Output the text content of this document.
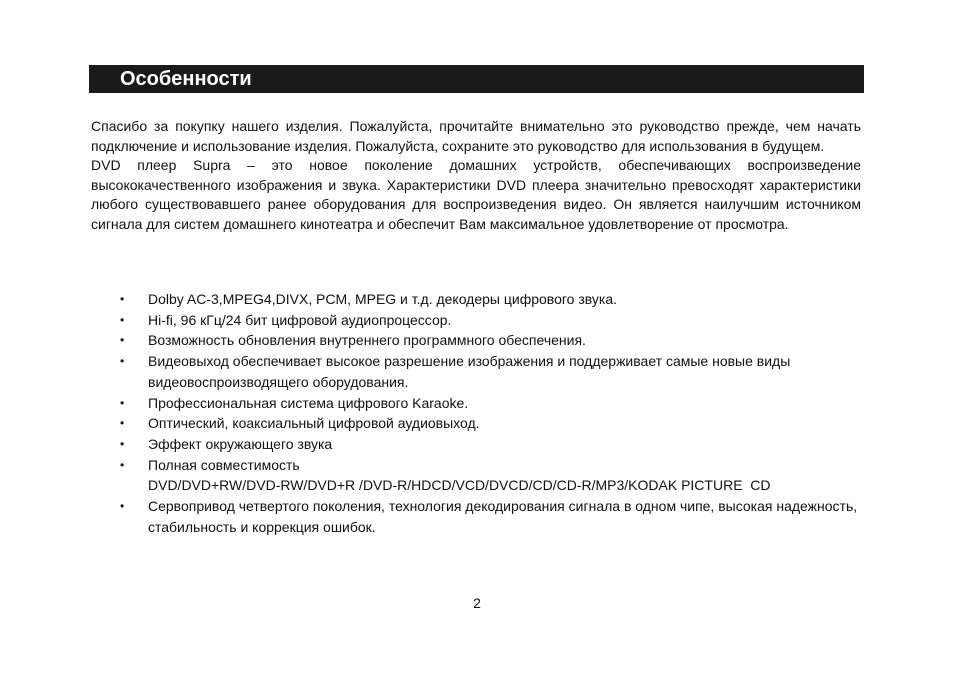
Особенности

Спасибо за покупку нашего изделия. Пожалуйста, прочитайте внимательно это руководство прежде, чем начать подключение и использование изделия. Пожалуйста, сохраните это руководство для использования в будущем.

DVD плеер Supra – это новое поколение домашних устройств, обеспечивающих воспроизведение высококачественного изображения и звука. Характеристики DVD плеера значительно превосходят характеристики любого существовавшего ранее оборудования для воспроизведения видео. Он является наилучшим источником сигнала для систем домашнего кинотеатра и обеспечит Вам максимальное удовлетворение от просмотра.

• Dolby AC-3,MPEG4,DIVX, PCM, MPEG и т.д. декодеры цифрового звука.
• Hi-fi, 96 кГц/24 бит цифровой аудиопроцессор.
• Возможность обновления внутреннего программного обеспечения.
• Видеовыход обеспечивает высокое разрешение изображения и поддерживает самые новые виды видеовоспроизводящего оборудования.
• Профессиональная система цифрового Karaoke.
• Оптический, коаксиальный цифровой аудиовыход.
• Эффект окружающего звука
• Полная совместимость
DVD/DVD+RW/DVD-RW/DVD+R /DVD-R/HDCD/VCD/DVCD/CD/CD-R/MP3/KODAK PICTURE  CD
• Сервопривод четвертого поколения, технология декодирования сигнала в одном чипе, высокая надежность, стабильность и коррекция ошибок.
2
